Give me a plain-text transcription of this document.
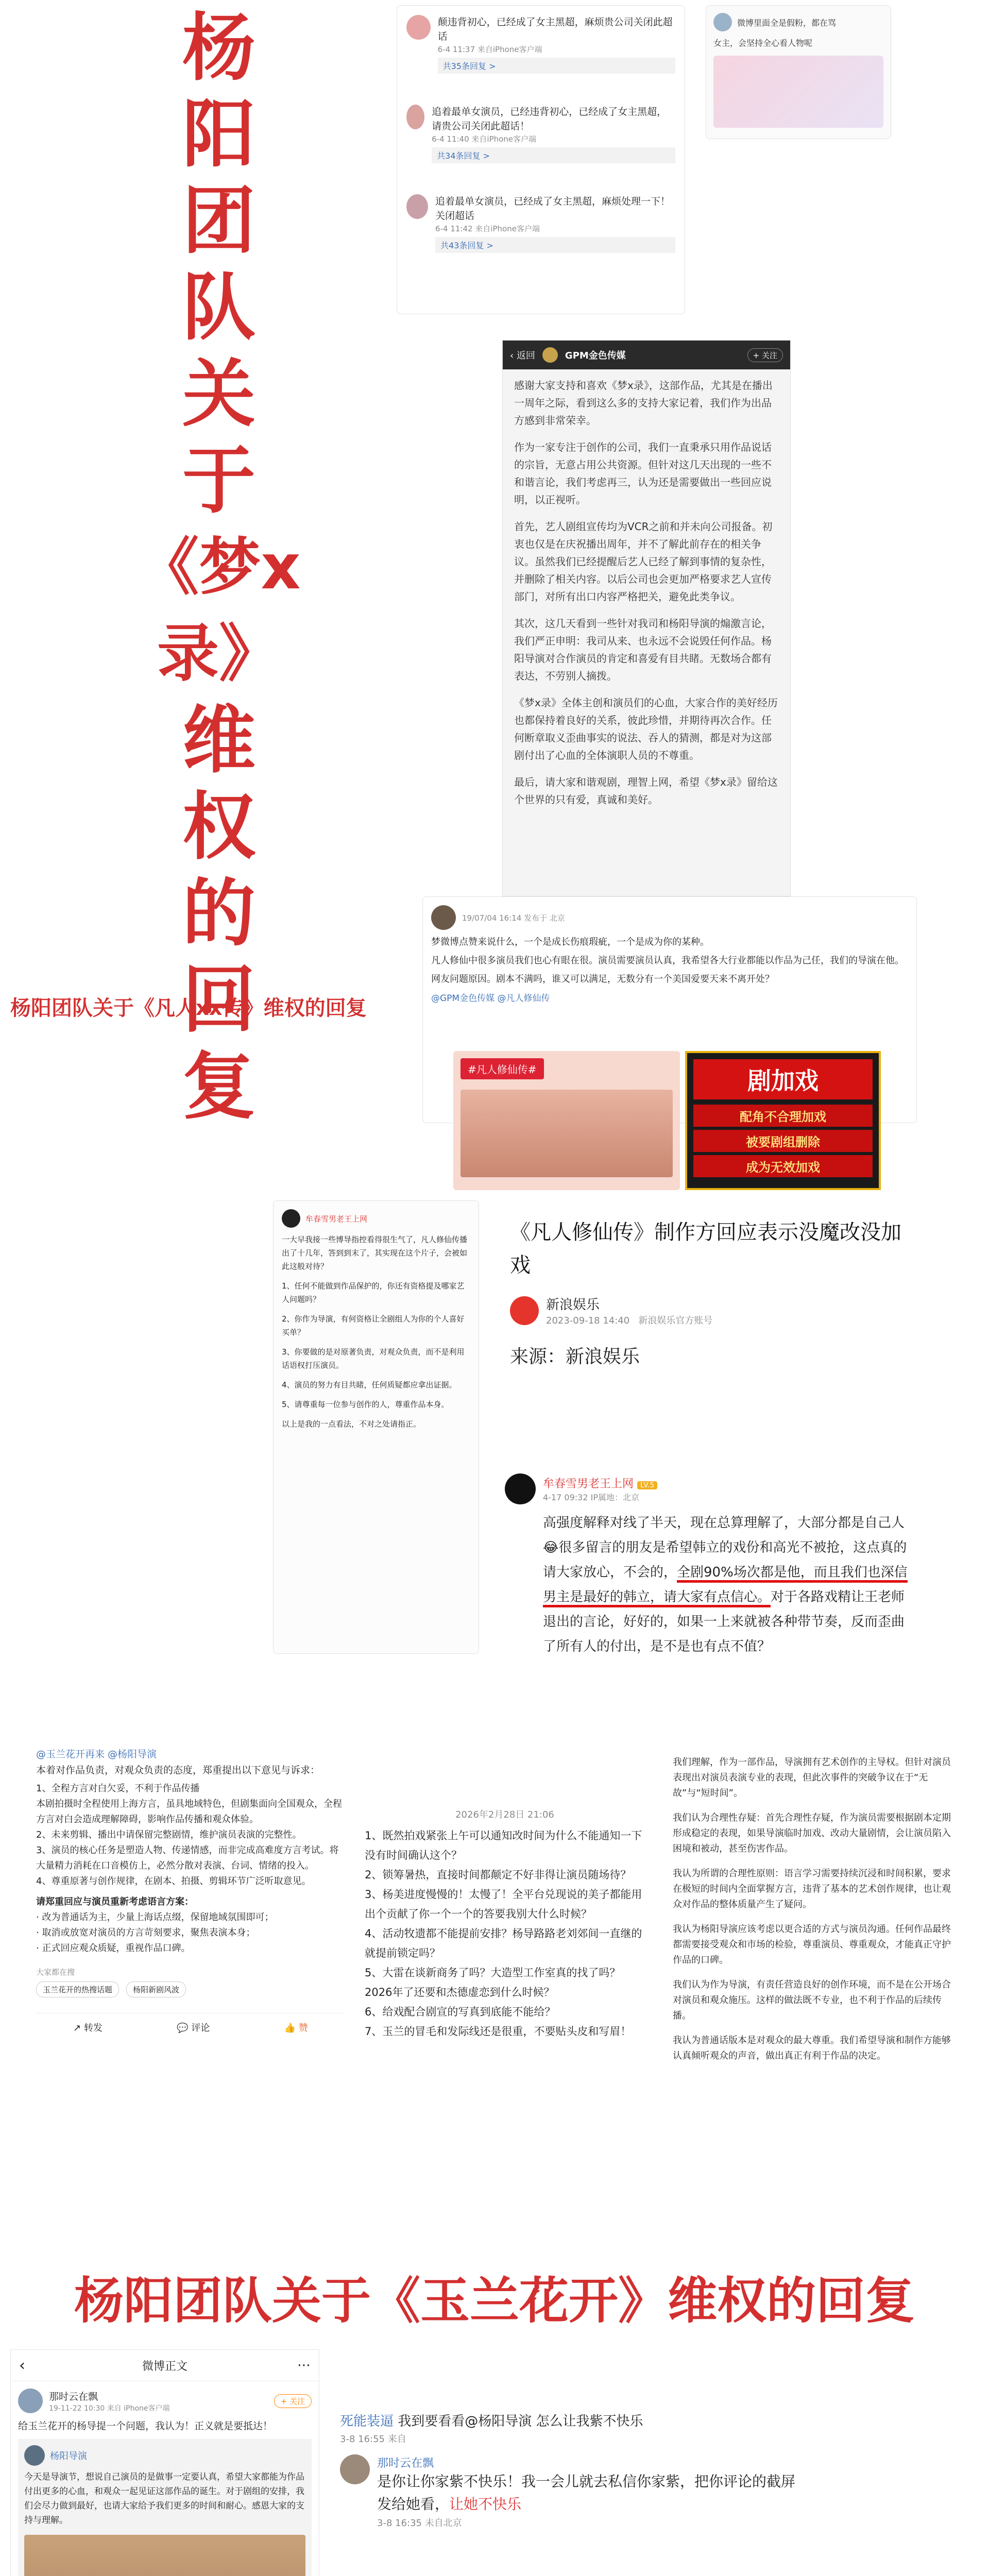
杨
阳
团
队
关
于
《梦x录》
维
权
的
回
复
颠违背初心，已经成了女主黑超，麻烦贵公司关闭此超话
6-4 11:37 来自iPhone客户端
共35条回复 >
追着最单女演员，已经违背初心，已经成了女主黑超，请贵公司关闭此超话！
6-4 11:40 来自iPhone客户端
共34条回复 >
追着最单女演员，已经成了女主黑超，麻烦处理一下！关闭超话
6-4 11:42 来自iPhone客户端
共43条回复 >
微博里面全是假粉，都在骂
女主，会坚持全心看人物呢
‹ 返回	GPM金色传媒	+ 关注

感谢大家支持和喜欢《梦x录》，这部作品，尤其是在播出一周年之际，看到这么多的支持大家记着，我们作为出品方感到非常荣幸。

作为一家专注于创作的公司，我们一直秉承只用作品说话的宗旨，无意占用公共资源。但针对这几天出现的一些不和谐言论，我们考虑再三，认为还是需要做出一些回应说明，以正视听。

首先，艺人剧组宣传均为VCR之前和并未向公司报备。初衷也仅是在庆祝播出周年，并不了解此前存在的相关争议。虽然我们已经提醒后艺人已经了解到事情的复杂性，并删除了相关内容。以后公司也会更加严格要求艺人宣传部门，对所有出口内容严格把关，避免此类争议。

其次，这几天看到一些针对我司和杨阳导演的煽激言论，我们严正申明：我司从来、也永远不会说毁任何作品。杨阳导演对合作演员的肯定和喜爱有目共睹。无数场合都有表达，不劳别人摘拨。

《梦x录》全体主创和演员们的心血，大家合作的美好经历也都保持着良好的关系，彼此珍惜，并期待再次合作。任何断章取义歪曲事实的说法、吞人的猜测，都是对为这部剧付出了心血的全体演职人员的不尊重。

最后，请大家和谐观剧，理智上网，希望《梦x录》留给这个世界的只有爱，真诚和美好。

杨阳团队关于《凡人xx传》维权的回复
19/07/04 16:14 发布于 北京
梦微博点赞来说什么，一个是成长伤痕瑕疵，一个是成为你的某种。
凡人修仙中很多演员我们也心有眼在很。演员需要演员认真，我希望各大行业都能以作品为己任，我们的导演在他。
网友问题原因。剧本不满吗，谁又可以满足，无数分有一个美国爱要天来不离开处？
@GPM金色传媒 @凡人修仙传
#凡人修仙传#	剧加戏
配角不合理加戏
被要剧组删除
成为无效加戏
牟春雪男老王上网

一大早我接一些博导指控看得很生气了，凡人修仙传播出了十几年，答到到末了，其实现在这个片子，会被如此这般对待？

1、任何不能做到作品保护的，你还有资格提及哪家艺人问题吗？

2、你作为导演，有何资格让全剧组人为你的个人喜好买单？

3、你要做的是对原著负责，对观众负责，而不是利用话语权打压演员。

4、演员的努力有目共睹，任何质疑都应拿出证据。

5、请尊重每一位参与创作的人，尊重作品本身。

以上是我的一点看法，不对之处请指正。

《凡人修仙传》制作方回应表示没魔改没加戏
新浪娱乐
2023-09-18 14:40 新浪娱乐官方账号
来源：新浪娱乐
牟春雪男老王上网 LV.5
4-17 09:32 IP属地：北京
高强度解释对线了半天，现在总算理解了，大部分都是自己人😂很多留言的朋友是希望韩立的戏份和高光不被抢，这点真的请大家放心，不会的，全剧90%场次都是他，而且我们也深信男主是最好的韩立，请大家有点信心。对于各路戏精让王老师退出的言论，好好的，如果一上来就被各种带节奏，反而歪曲了所有人的付出，是不是也有点不值？
@玉兰花开再来 @杨阳导演
本着对作品负责，对观众负责的态度，郑重提出以下意见与诉求：
1、全程方言对白欠妥，不利于作品传播
本剧拍摄时全程使用上海方言，虽具地域特色，但剧集面向全国观众，全程方言对白会造成理解障碍，影响作品传播和观众体验。
2、未来剪辑、播出中请保留完整剧情，维护演员表演的完整性。
3、演员的核心任务是塑造人物、传递情感，而非完成高难度方言考试。将大量精力消耗在口音模仿上，必然分散对表演、台词、情绪的投入。
4、尊重原著与创作规律，在剧本、拍摄、剪辑环节广泛听取意见。
请郑重回应与演员重新考虑语言方案：
· 改为普通话为主，少量上海话点缀，保留地域氛围即可；
· 取消或放宽对演员的方言苛刻要求，聚焦表演本身；
· 正式回应观众质疑，重视作品口碑。
大家都在搜
玉兰花开的热搜话题	杨阳新剧风波
↗ 转发	💬 评论	👍 赞
2026年2月28日 21:06
1、既然拍戏紧张上午可以通知改时间为什么不能通知一下没有时间确认这个？
2、锁筹暑热，直接时间都颠定不好非得让演员随场待？
3、杨美进度慢慢的！太慢了！全平台兑现说的美子都能用出个贡献了你一个一个的答要我别大什么时候？
4、活动牧遗都不能提前安排？杨导路路老刘郊间一直继的就提前锁定吗？
5、大雷在谈新商务了吗？大造型工作室真的找了吗？2026年了还要和杰德虚恋到什么时候？
6、给戏配合剧宣的写真到底能不能给？
7、玉兰的冒毛和发际线还是很重，不要贴头皮和写眉！

我们理解，作为一部作品，导演拥有艺术创作的主导权。但针对演员表现出对演员表演专业的表现，但此次事件的突破争议在于“无故”与“短时间”。

我们认为合理性存疑：首先合理性存疑，作为演员需要根据剧本定期形成稳定的表现，如果导演临时加戏、改动大量剧情，会让演员陷入困境和被动，甚至伤害作品。

我认为所谓的合理性原则：语言学习需要持续沉浸和时间积累，要求在极短的时间内全面掌握方言，违背了基本的艺术创作规律，也让观众对作品的整体质量产生了疑问。

我认为杨阳导演应该考虑以更合适的方式与演员沟通。任何作品最终都需要接受观众和市场的检验，尊重演员、尊重观众，才能真正守护作品的口碑。

我们认为作为导演，有责任营造良好的创作环境，而不是在公开场合对演员和观众施压。这样的做法既不专业，也不利于作品的后续传播。

我认为普通话版本是对观众的最大尊重。我们希望导演和制作方能够认真倾听观众的声音，做出真正有利于作品的决定。

杨阳团队关于《玉兰花开》维权的回复
‹	微博正文	⋯
那时云在飘
19-11-22 10:30 来自 iPhone客户端
+ 关注
给玉兰花开的杨导提一个问题，我认为！正义就是要抵达！
杨阳导演
今天是导演节，想说自己演员的是做事一定要认真，希望大家都能为作品付出更多的心血，和观众一起见证这部作品的诞生。对于剧组的安排，我们会尽力做到最好，也请大家给予我们更多的时间和耐心。感恩大家的支持与理解。
死能装逼 我到要看看@杨阳导演 怎么让我紫不快乐
3-8 16:55 来自
那时云在飘
是你让你家紫不快乐！我一会儿就去私信你家紫，把你评论的截屏发给她看，让她不快乐
3-8 16:35 未自北京
